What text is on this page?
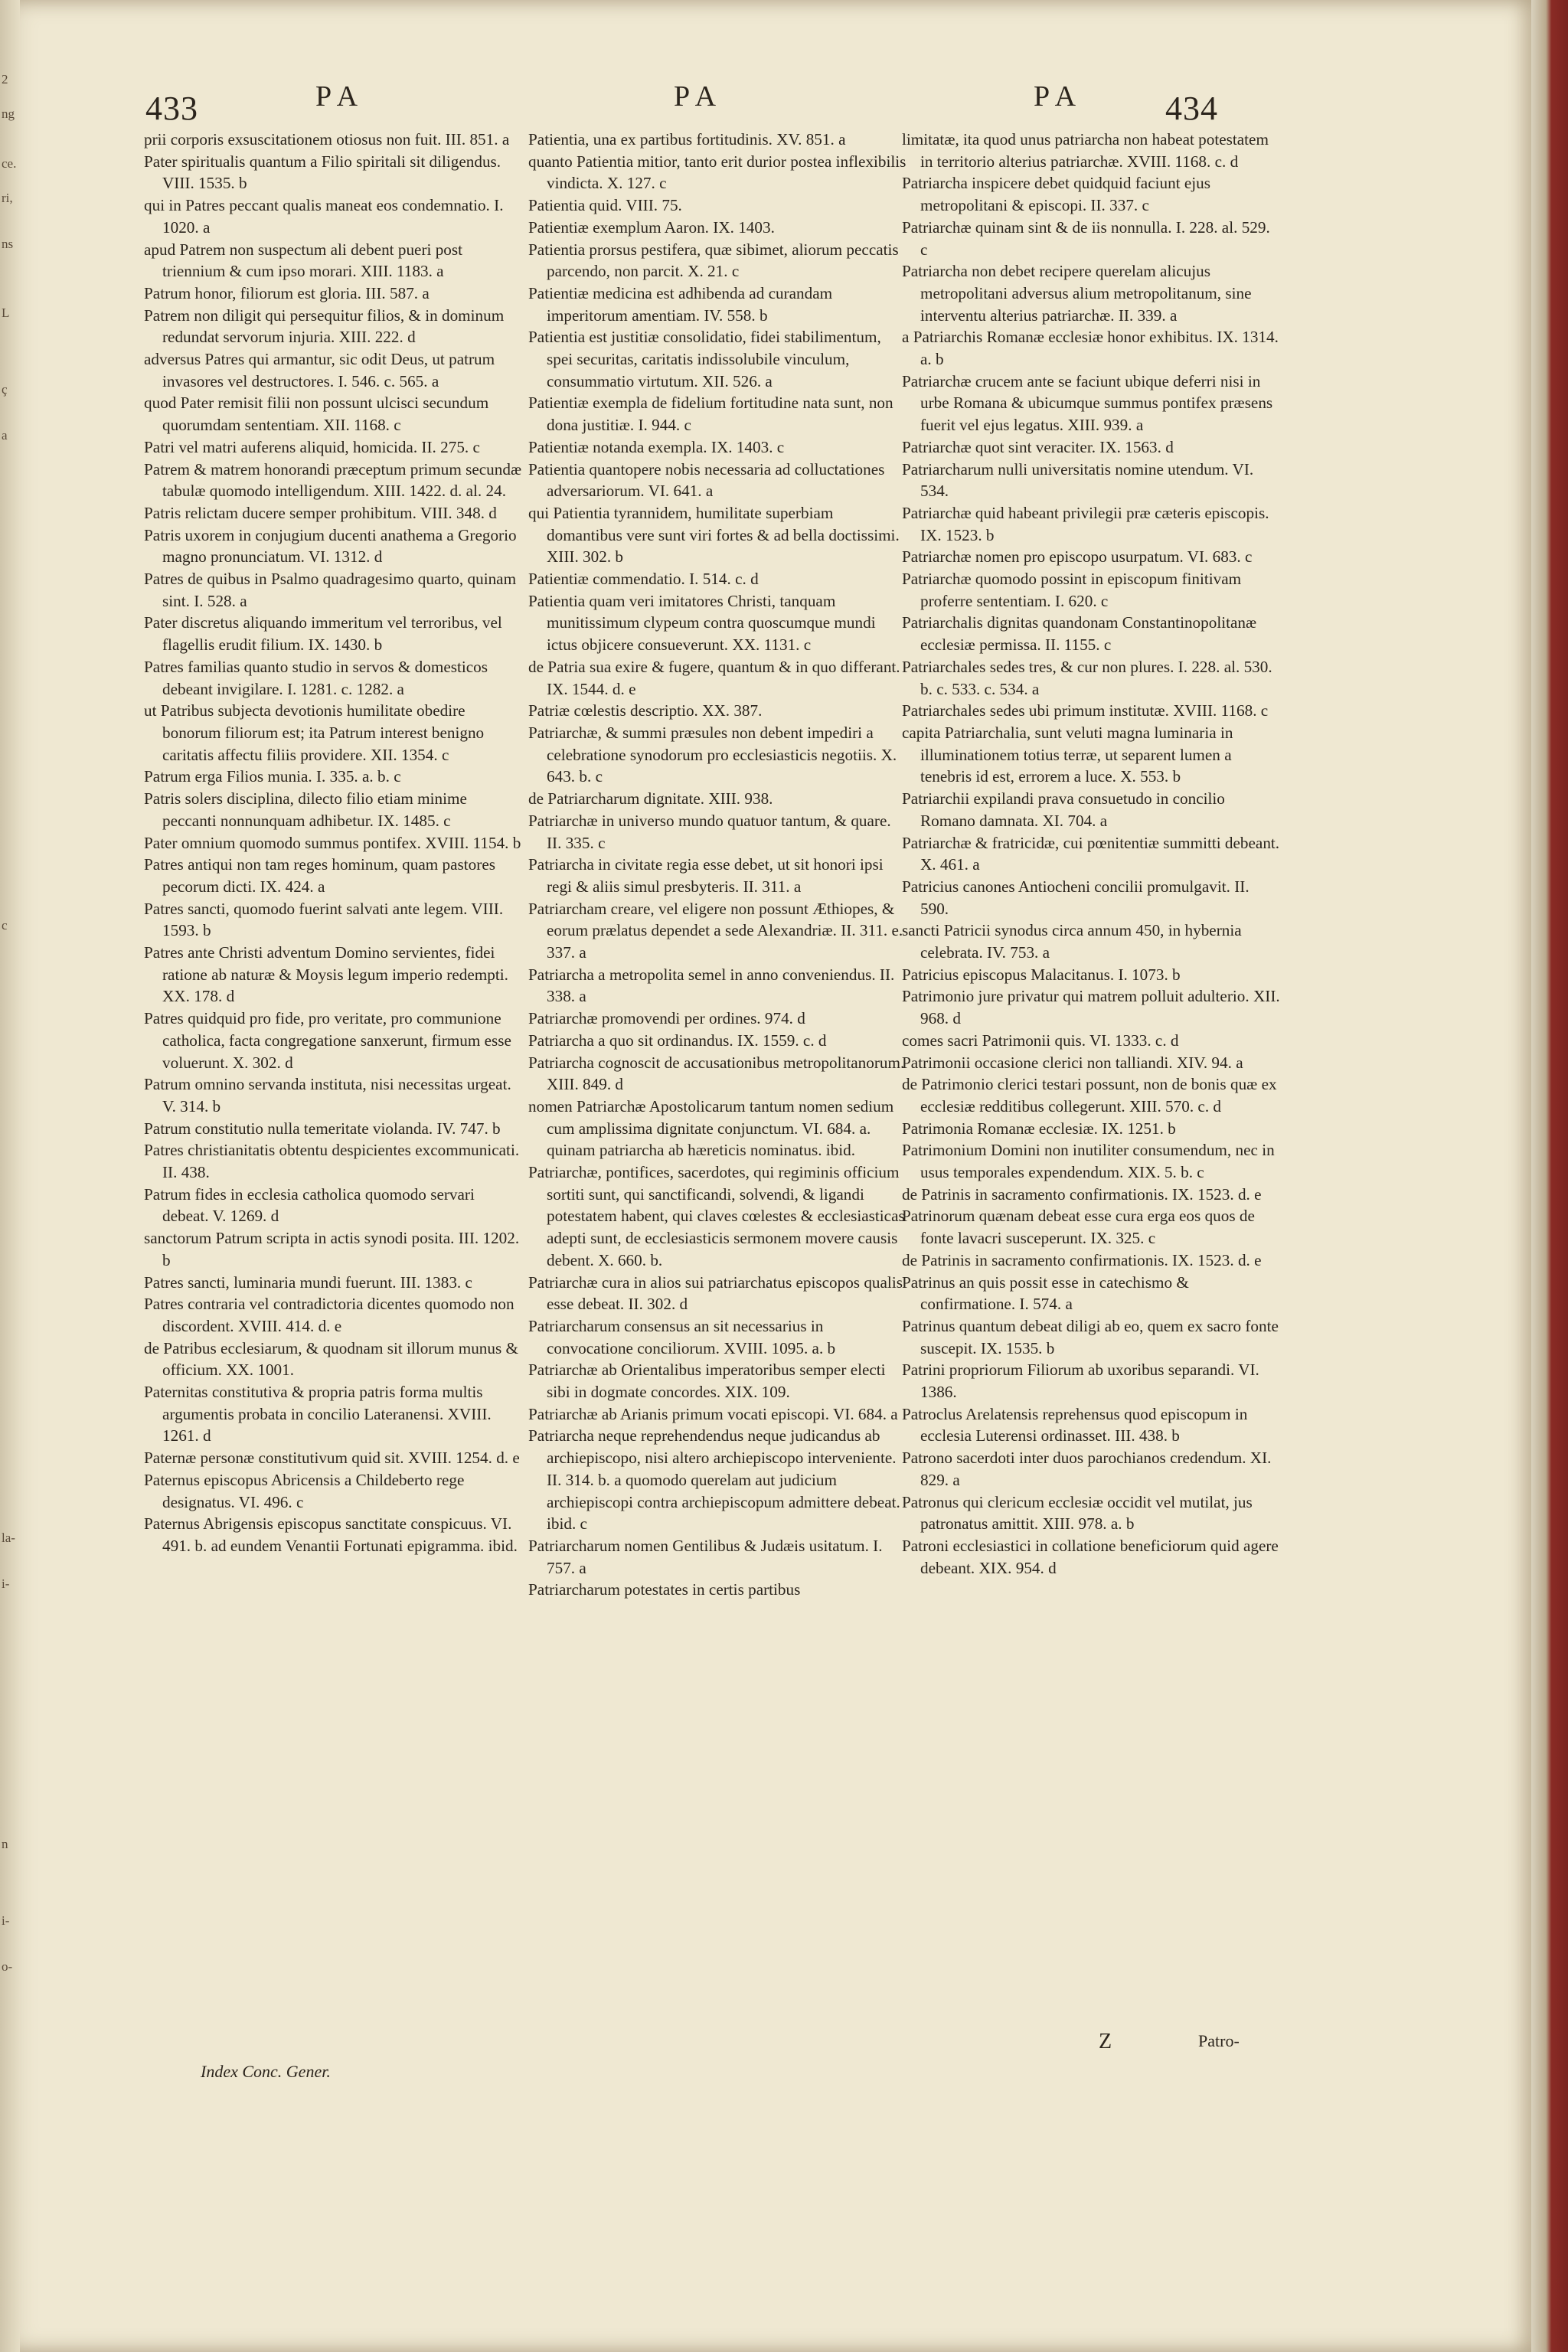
2
ng
ce.
ri,
ns
L
ç
a
c
la-
i-
n
i-
o-
433	PA	PA	PA 434

prii corporis exsuscitationem otiosus non fuit. III. 851. a

Pater spiritualis quantum a Filio spiritali sit diligendus. VIII. 1535. b

qui in Patres peccant qualis maneat eos condemnatio. I. 1020. a

apud Patrem non suspectum ali debent pueri post triennium & cum ipso morari. XIII. 1183. a

Patrum honor, filiorum est gloria. III. 587. a

Patrem non diligit qui persequitur filios, & in dominum redundat servorum injuria. XIII. 222. d

adversus Patres qui armantur, sic odit Deus, ut patrum invasores vel destructores. I. 546. c. 565. a

quod Pater remisit filii non possunt ulcisci secundum quorumdam sententiam. XII. 1168. c

Patri vel matri auferens aliquid, homicida. II. 275. c

Patrem & matrem honorandi præceptum primum secundæ tabulæ quomodo intelligendum. XIII. 1422. d. al. 24.

Patris relictam ducere semper prohibitum. VIII. 348. d

Patris uxorem in conjugium ducenti anathema a Gregorio magno pronunciatum. VI. 1312. d

Patres de quibus in Psalmo quadragesimo quarto, quinam sint. I. 528. a

Pater discretus aliquando immeritum vel terroribus, vel flagellis erudit filium. IX. 1430. b

Patres familias quanto studio in servos & domesticos debeant invigilare. I. 1281. c. 1282. a

ut Patribus subjecta devotionis humilitate obedire bonorum filiorum est; ita Patrum interest benigno caritatis affectu filiis providere. XII. 1354. c

Patrum erga Filios munia. I. 335. a. b. c

Patris solers disciplina, dilecto filio etiam minime peccanti nonnunquam adhibetur. IX. 1485. c

Pater omnium quomodo summus pontifex. XVIII. 1154. b

Patres antiqui non tam reges hominum, quam pastores pecorum dicti. IX. 424. a

Patres sancti, quomodo fuerint salvati ante legem. VIII. 1593. b

Patres ante Christi adventum Domino servientes, fidei ratione ab naturæ & Moysis legum imperio redempti. XX. 178. d

Patres quidquid pro fide, pro veritate, pro communione catholica, facta congregatione sanxerunt, firmum esse voluerunt. X. 302. d

Patrum omnino servanda instituta, nisi necessitas urgeat. V. 314. b

Patrum constitutio nulla temeritate violanda. IV. 747. b

Patres christianitatis obtentu despicientes excommunicati. II. 438.

Patrum fides in ecclesia catholica quomodo servari debeat. V. 1269. d

sanctorum Patrum scripta in actis synodi posita. III. 1202. b

Patres sancti, luminaria mundi fuerunt. III. 1383. c

Patres contraria vel contradictoria dicentes quomodo non discordent. XVIII. 414. d. e

de Patribus ecclesiarum, & quodnam sit illorum munus & officium. XX. 1001.

Paternitas constitutiva & propria patris forma multis argumentis probata in concilio Lateranensi. XVIII. 1261. d

Paternæ personæ constitutivum quid sit. XVIII. 1254. d. e

Paternus episcopus Abricensis a Childeberto rege designatus. VI. 496. c

Paternus Abrigensis episcopus sanctitate conspicuus. VI. 491. b. ad eundem Venantii Fortunati epigramma. ibid.

Patientia, una ex partibus fortitudinis. XV. 851. a

quanto Patientia mitior, tanto erit durior postea inflexibilis vindicta. X. 127. c

Patientia quid. VIII. 75.

Patientiæ exemplum Aaron. IX. 1403.

Patientia prorsus pestifera, quæ sibimet, aliorum peccatis parcendo, non parcit. X. 21. c

Patientiæ medicina est adhibenda ad curandam imperitorum amentiam. IV. 558. b

Patientia est justitiæ consolidatio, fidei stabilimentum, spei securitas, caritatis indissolubile vinculum, consummatio virtutum. XII. 526. a

Patientiæ exempla de fidelium fortitudine nata sunt, non dona justitiæ. I. 944. c

Patientiæ notanda exempla. IX. 1403. c

Patientia quantopere nobis necessaria ad colluctationes adversariorum. VI. 641. a

qui Patientia tyrannidem, humilitate superbiam domantibus vere sunt viri fortes & ad bella doctissimi. XIII. 302. b

Patientiæ commendatio. I. 514. c. d

Patientia quam veri imitatores Christi, tanquam munitissimum clypeum contra quoscumque mundi ictus objicere consueverunt. XX. 1131. c

de Patria sua exire & fugere, quantum & in quo differant. IX. 1544. d. e

Patriæ cœlestis descriptio. XX. 387.

Patriarchæ, & summi præsules non debent impediri a celebratione synodorum pro ecclesiasticis negotiis. X. 643. b. c

de Patriarcharum dignitate. XIII. 938.

Patriarchæ in universo mundo quatuor tantum, & quare. II. 335. c

Patriarcha in civitate regia esse debet, ut sit honori ipsi regi & aliis simul presbyteris. II. 311. a

Patriarcham creare, vel eligere non possunt Æthiopes, & eorum prælatus dependet a sede Alexandriæ. II. 311. e. 337. a

Patriarcha a metropolita semel in anno conveniendus. II. 338. a

Patriarchæ promovendi per ordines. 974. d

Patriarcha a quo sit ordinandus. IX. 1559. c. d

Patriarcha cognoscit de accusationibus metropolitanorum. XIII. 849. d

nomen Patriarchæ Apostolicarum tantum nomen sedium cum amplissima dignitate conjunctum. VI. 684. a. quinam patriarcha ab hæreticis nominatus. ibid.

Patriarchæ, pontifices, sacerdotes, qui regiminis officium sortiti sunt, qui sanctificandi, solvendi, & ligandi potestatem habent, qui claves cœlestes & ecclesiasticas adepti sunt, de ecclesiasticis sermonem movere causis debent. X. 660. b.

Patriarchæ cura in alios sui patriarchatus episcopos qualis esse debeat. II. 302. d

Patriarcharum consensus an sit necessarius in convocatione conciliorum. XVIII. 1095. a. b

Patriarchæ ab Orientalibus imperatoribus semper electi sibi in dogmate concordes. XIX. 109.

Patriarchæ ab Arianis primum vocati episcopi. VI. 684. a

Patriarcha neque reprehendendus neque judicandus ab archiepiscopo, nisi altero archiepiscopo interveniente. II. 314. b. a quomodo querelam aut judicium archiepiscopi contra archiepiscopum admittere debeat. ibid. c

Patriarcharum nomen Gentilibus & Judæis usitatum. I. 757. a

Patriarcharum potestates in certis partibus

limitatæ, ita quod unus patriarcha non habeat potestatem in territorio alterius patriarchæ. XVIII. 1168. c. d

Patriarcha inspicere debet quidquid faciunt ejus metropolitani & episcopi. II. 337. c

Patriarchæ quinam sint & de iis nonnulla. I. 228. al. 529. c

Patriarcha non debet recipere querelam alicujus metropolitani adversus alium metropolitanum, sine interventu alterius patriarchæ. II. 339. a

a Patriarchis Romanæ ecclesiæ honor exhibitus. IX. 1314. a. b

Patriarchæ crucem ante se faciunt ubique deferri nisi in urbe Romana & ubicumque summus pontifex præsens fuerit vel ejus legatus. XIII. 939. a

Patriarchæ quot sint veraciter. IX. 1563. d

Patriarcharum nulli universitatis nomine utendum. VI. 534.

Patriarchæ quid habeant privilegii præ cæteris episcopis. IX. 1523. b

Patriarchæ nomen pro episcopo usurpatum. VI. 683. c

Patriarchæ quomodo possint in episcopum finitivam proferre sententiam. I. 620. c

Patriarchalis dignitas quandonam Constantinopolitanæ ecclesiæ permissa. II. 1155. c

Patriarchales sedes tres, & cur non plures. I. 228. al. 530. b. c. 533. c. 534. a

Patriarchales sedes ubi primum institutæ. XVIII. 1168. c

capita Patriarchalia, sunt veluti magna luminaria in illuminationem totius terræ, ut separent lumen a tenebris id est, errorem a luce. X. 553. b

Patriarchii expilandi prava consuetudo in concilio Romano damnata. XI. 704. a

Patriarchæ & fratricidæ, cui pœnitentiæ summitti debeant. X. 461. a

Patricius canones Antiocheni concilii promulgavit. II. 590.

sancti Patricii synodus circa annum 450, in hybernia celebrata. IV. 753. a

Patricius episcopus Malacitanus. I. 1073. b

Patrimonio jure privatur qui matrem polluit adulterio. XII. 968. d

comes sacri Patrimonii quis. VI. 1333. c. d

Patrimonii occasione clerici non talliandi. XIV. 94. a

de Patrimonio clerici testari possunt, non de bonis quæ ex ecclesiæ redditibus collegerunt. XIII. 570. c. d

Patrimonia Romanæ ecclesiæ. IX. 1251. b

Patrimonium Domini non inutiliter consumendum, nec in usus temporales expendendum. XIX. 5. b. c

de Patrinis in sacramento confirmationis. IX. 1523. d. e

Patrinorum quænam debeat esse cura erga eos quos de fonte lavacri susceperunt. IX. 325. c

de Patrinis in sacramento confirmationis. IX. 1523. d. e

Patrinus an quis possit esse in catechismo & confirmatione. I. 574. a

Patrinus quantum debeat diligi ab eo, quem ex sacro fonte suscepit. IX. 1535. b

Patrini propriorum Filiorum ab uxoribus separandi. VI. 1386.

Patroclus Arelatensis reprehensus quod episcopum in ecclesia Luterensi ordinasset. III. 438. b

Patrono sacerdoti inter duos parochianos credendum. XI. 829. a

Patronus qui clericum ecclesiæ occidit vel mutilat, jus patronatus amittit. XIII. 978. a. b

Patroni ecclesiastici in collatione beneficiorum quid agere debeant. XIX. 954. d

Index Conc. Gener.
Z	Patro-
